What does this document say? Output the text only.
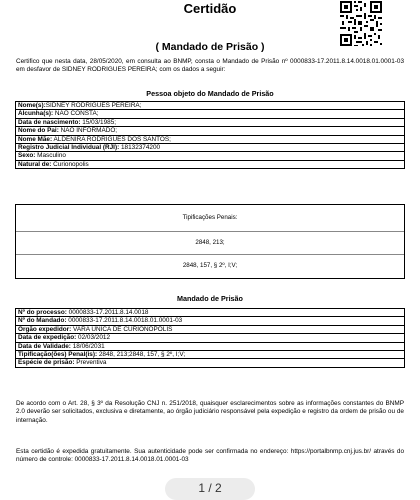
Certidão
( Mandado de Prisão )
Certifico que nesta data, 28/05/2020, em consulta ao BNMP, consta o Mandado de Prisão nº 0000833-17.2011.8.14.0018.01.0001-03 em desfavor de SIDNEY RODRIGUES PEREIRA; com os dados a seguir:
Pessoa objeto do Mandado de Prisão
Nome(s):SIDNEY RODRIGUES PEREIRA;
Alcunha(s): NÃO CONSTA;
Data de nascimento: 15/03/1985;
Nome do Pai: NÃO INFORMADO;
Nome Mãe: ALDENIRA RODRIGUES DOS SANTOS;
Registro Judicial Individual (RJI): 18132374200
Sexo: Masculino
Natural de: Curionopolis
Tipificações Penais:
2848, 213;
2848, 157, § 2º, I;V;
Mandado de Prisão
Nº do processo: 0000833-17.2011.8.14.0018
Nº do Mandado: 0000833-17.2011.8.14.0018.01.0001-03
Órgão expedidor: VARA ÚNICA DE CURIONÓPOLIS
Data de expedição: 02/03/2012
Data de Validade: 18/06/2031
Tipificação(ões) Penal(is): 2848, 213;2848, 157, § 2º, I;V;
Espécie de prisão: Preventiva
De acordo com o Art. 28, § 3º da Resolução CNJ n. 251/2018, quaisquer esclarecimentos sobre as informações constantes do BNMP 2.0 deverão ser solicitados, exclusiva e diretamente, ao órgão judiciário responsável pela expedição e registro da ordem de prisão ou de internação.
Esta certidão é expedida gratuitamente. Sua autenticidade pode ser confirmada no endereço: https://portalbnmp.cnj.jus.br/ através do número de controle: 0000833-17.2011.8.14.0018.01.0001-03
1 / 2
